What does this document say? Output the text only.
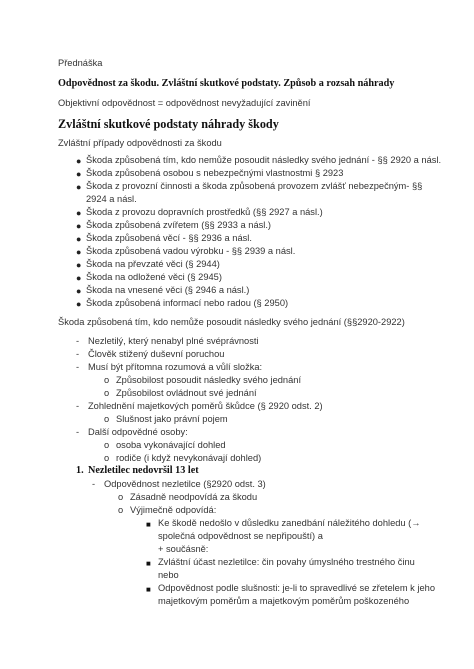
Přednáška
Odpovědnost za škodu. Zvláštní skutkové podstaty. Způsob a rozsah náhrady
Objektivní odpovědnost = odpovědnost nevyžadující zavinění
Zvláštní skutkové podstaty náhrady škody
Zvláštní případy odpovědnosti za škodu
● Škoda způsobená tím, kdo nemůže posoudit následky svého jednání - §§ 2920 a násl.
● Škoda způsobená osobou s nebezpečnými vlastnostmi § 2923
● Škoda z provozní činnosti a škoda způsobená provozem zvlášť nebezpečným- §§
2924 a násl.
● Škoda z provozu dopravních prostředků (§§ 2927 a násl.)
● Škoda způsobená zvířetem (§§ 2933 a násl.)
● Škoda způsobená věcí - §§ 2936 a násl.
● Škoda způsobená vadou výrobku - §§ 2939 a násl.
● Škoda na převzaté věci (§ 2944)
● Škoda na odložené věci (§ 2945)
● Škoda na vnesené věci (§ 2946 a násl.)
● Škoda způsobená informací nebo radou (§ 2950)
Škoda způsobená tím, kdo nemůže posoudit následky svého jednání (§§2920-2922)
- Nezletilý, který nenabyl plné svéprávnosti
- Člověk stižený duševní poruchou
- Musí být přítomna rozumová a vůlí složka:
o Způsobilost posoudit následky svého jednání
o Způsobilost ovládnout své jednání
- Zohlednění majetkových poměrů škůdce (§ 2920 odst. 2)
o Slušnost jako právní pojem
- Další odpovědné osoby:
o osoba vykonávající dohled
o rodiče (i když nevykonávají dohled)
1. Nezletilec nedovršil 13 let
- Odpovědnost nezletilce (§2920 odst. 3)
o Zásadně neodpovídá za škodu
o Výjimečně odpovídá:
■ Ke škodě nedošlo v důsledku zanedbání náležitého dohledu (→
společná odpovědnost se nepřipouští) a
+ součásně:
■ Zvláštní účast nezletilce: čin povahy úmyslného trestného činu
nebo
■ Odpovědnost podle slušnosti: je-li to spravedlivé se zřetelem k jeho
majetkovým poměrům a majetkovým poměrům poškozeného
